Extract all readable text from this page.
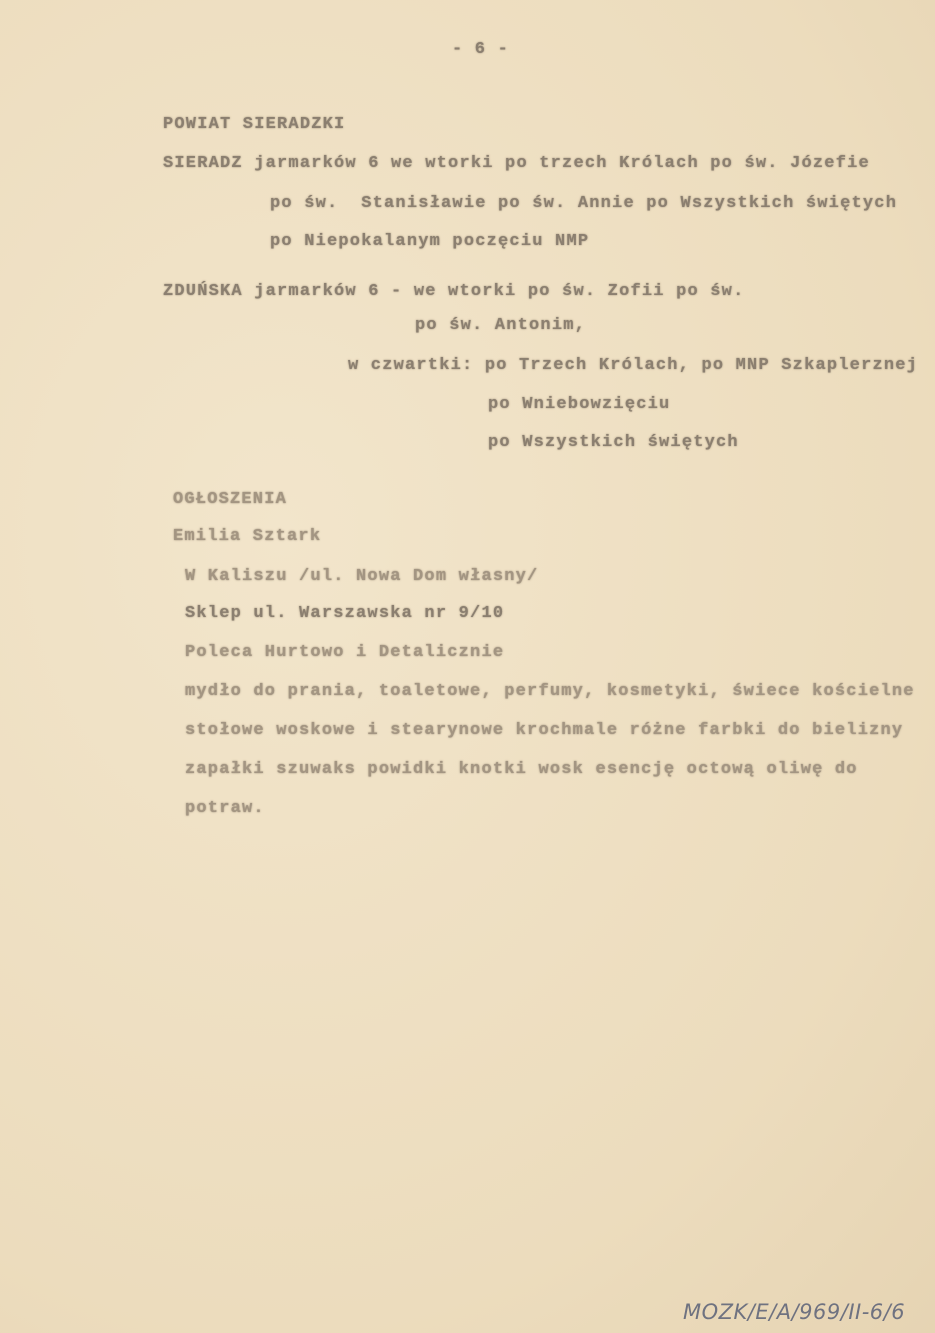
- 6 -
POWIAT SIERADZKI
SIERADZ jarmarków 6 we wtorki po trzech Królach po św. Józefie
po św.  Stanisławie po św. Annie po Wszystkich świętych
po Niepokalanym poczęciu NMP
ZDUŃSKA jarmarków 6 - we wtorki po św. Zofii po św.
po św. Antonim,
w czwartki: po Trzech Królach, po MNP Szkaplerznej
po Wniebowzięciu
po Wszystkich świętych
OGŁOSZENIA
Emilia Sztark
W Kaliszu /ul. Nowa Dom własny/
Sklep ul. Warszawska nr 9/10
Poleca Hurtowo i Detalicznie
mydło do prania, toaletowe, perfumy, kosmetyki, świece kościelne
stołowe woskowe i stearynowe krochmale różne farbki do bielizny
zapałki szuwaks powidki knotki wosk esencję octową oliwę do
potraw.
MOZK/E/A/969/II-6/6
